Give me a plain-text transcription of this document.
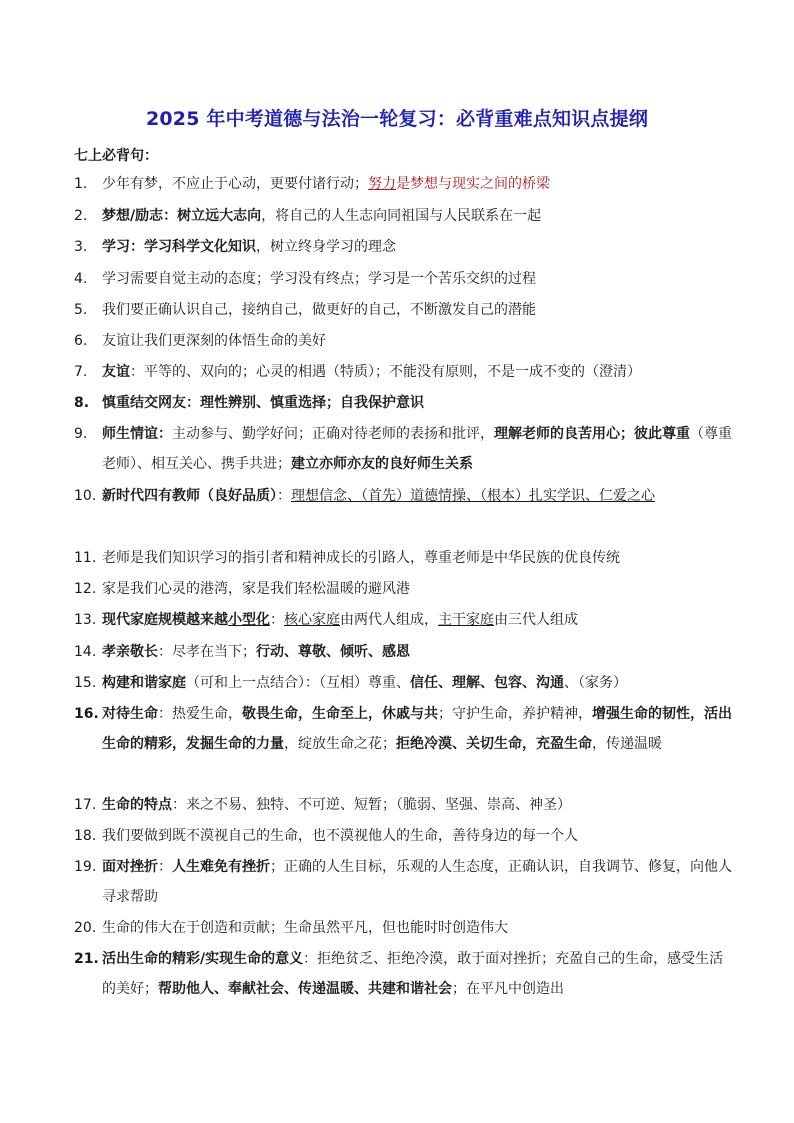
2025 年中考道德与法治一轮复习：必背重难点知识点提纲
七上必背句：
1.	少年有梦，不应止于心动，更要付诸行动；努力是梦想与现实之间的桥梁
2.	梦想/励志：树立远大志向，将自己的人生志向同祖国与人民联系在一起
3.	学习：学习科学文化知识，树立终身学习的理念
4.	学习需要自觉主动的态度；学习没有终点；学习是一个苦乐交织的过程
5.	我们要正确认识自己，接纳自己，做更好的自己，不断激发自己的潜能
6.	友谊让我们更深刻的体悟生命的美好
7.	友谊：平等的、双向的；心灵的相遇（特质）；不能没有原则，不是一成不变的（澄清）
8. 慎重结交网友：理性辨别、慎重选择；自我保护意识
9.	师生情谊：主动参与、勤学好问；正确对待老师的表扬和批评，理解老师的良苦用心；彼此尊重（尊重老师）、相互关心、携手共进；建立亦师亦友的良好师生关系
10. 新时代四有教师（良好品质）：理想信念、（首先）道德情操、（根本）扎实学识、仁爱之心
11. 老师是我们知识学习的指引者和精神成长的引路人，尊重老师是中华民族的优良传统
12. 家是我们心灵的港湾，家是我们轻松温暖的避风港
13. 现代家庭规模越来越小型化：核心家庭由两代人组成，主干家庭由三代人组成
14. 孝亲敬长：尽孝在当下；行动、尊敬、倾听、感恩
15. 构建和谐家庭（可和上一点结合）：（互相）尊重、信任、理解、包容、沟通、（家务）
16. 对待生命：热爱生命，敬畏生命，生命至上，休戚与共；守护生命，养护精神，增强生命的韧性，活出生命的精彩，发掘生命的力量，绽放生命之花；拒绝冷漠、关切生命，充盈生命，传递温暖
17. 生命的特点：来之不易、独特、不可逆、短暂；（脆弱、坚强、崇高、神圣）
18. 我们要做到既不漠视自己的生命，也不漠视他人的生命，善待身边的每一个人
19. 面对挫折：人生难免有挫折；正确的人生目标，乐观的人生态度，正确认识，自我调节、修复，向他人寻求帮助
20. 生命的伟大在于创造和贡献；生命虽然平凡，但也能时时创造伟大
21. 活出生命的精彩/实现生命的意义：拒绝贫乏、拒绝冷漠，敢于面对挫折；充盈自己的生命，感受生活的美好；帮助他人、奉献社会、传递温暖、共建和谐社会；在平凡中创造出
